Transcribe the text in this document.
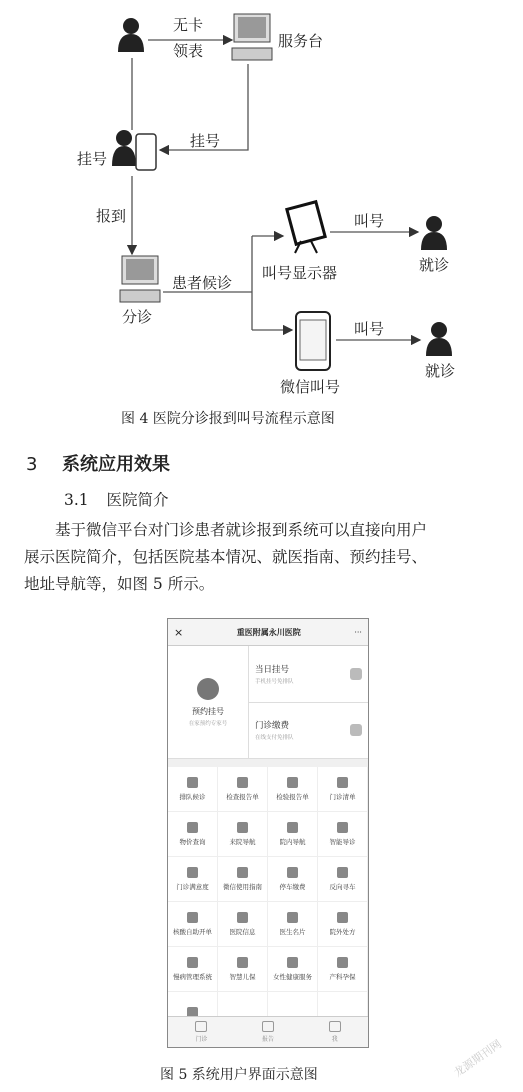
无卡
领表
服务台
挂号
挂号
报到
患者候诊
分诊
叫号显示器
叫号
就诊
微信叫号
叫号
就诊
图 4 医院分诊报到叫号流程示意图
3 系统应用效果
3.1 医院简介
基于微信平台对门诊患者就诊报到系统可以直接向用户
展示医院简介，包括医院基本情况、就医指南、预约挂号、
地址导航等，如图 5 所示。
×	重医附属永川医院	···
预约挂号
在家预约专家号
当日挂号
手机挂号免排队
门诊缴费
在线支付免排队
排队候诊	检查报告单	检验报告单	门诊清单
物价查询	来院导航	院内导航	智能导诊
门诊满意度 微信使用指南	停车缴费	反向寻车
核酸自助开单	医院信息	医生名片	院外处方
慢病管理系统	智慧儿保	女性健康服务	产科孕保
门诊	报告	我
图 5 系统用户界面示意图	龙源期刊网
